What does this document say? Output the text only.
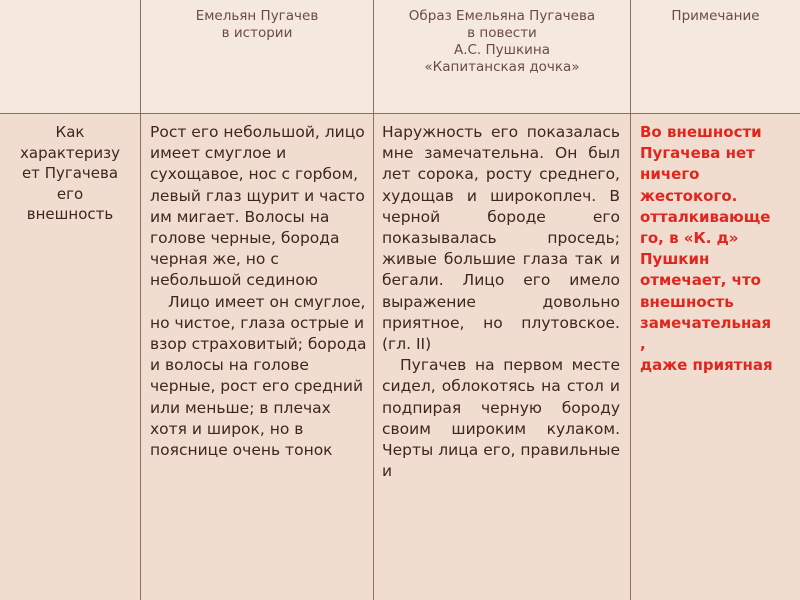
Емельян Пугачев
в истории
Образ Емельяна Пугачева
в повести
А.С. Пушкина
«Капитанская дочка»
Примечание
Как
характеризу
ет Пугачева
его
внешность

Рост его небольшой, лицо имеет смуглое и сухощавое, нос с горбом, левый глаз щурит и часто им мигает. Волосы на голове черные, борода черная же, но с небольшой сединою

Лицо имеет он смуглое, но чистое, глаза острые и взор страховитый; борода и волосы на голове черные, рост его средний или меньше; в плечах хотя и широк, но в пояснице очень тонок

Наружность его показалась мне замечательна. Он был лет сорока, росту среднего, худощав и широкоплеч. В черной бороде его показывалась проседь; живые большие глаза так и бегали. Лицо его имело выражение довольно приятное, но плутовское. (гл. II)

Пугачев на первом месте сидел, облокотясь на стол и подпирая черную бороду своим широким кулаком. Черты лица его, правильные и

Во внешности
Пугачева нет
ничего
жестокого.
отталкивающе
го, в «К. д»
Пушкин
отмечает, что
внешность
замечательная
,
даже приятная
